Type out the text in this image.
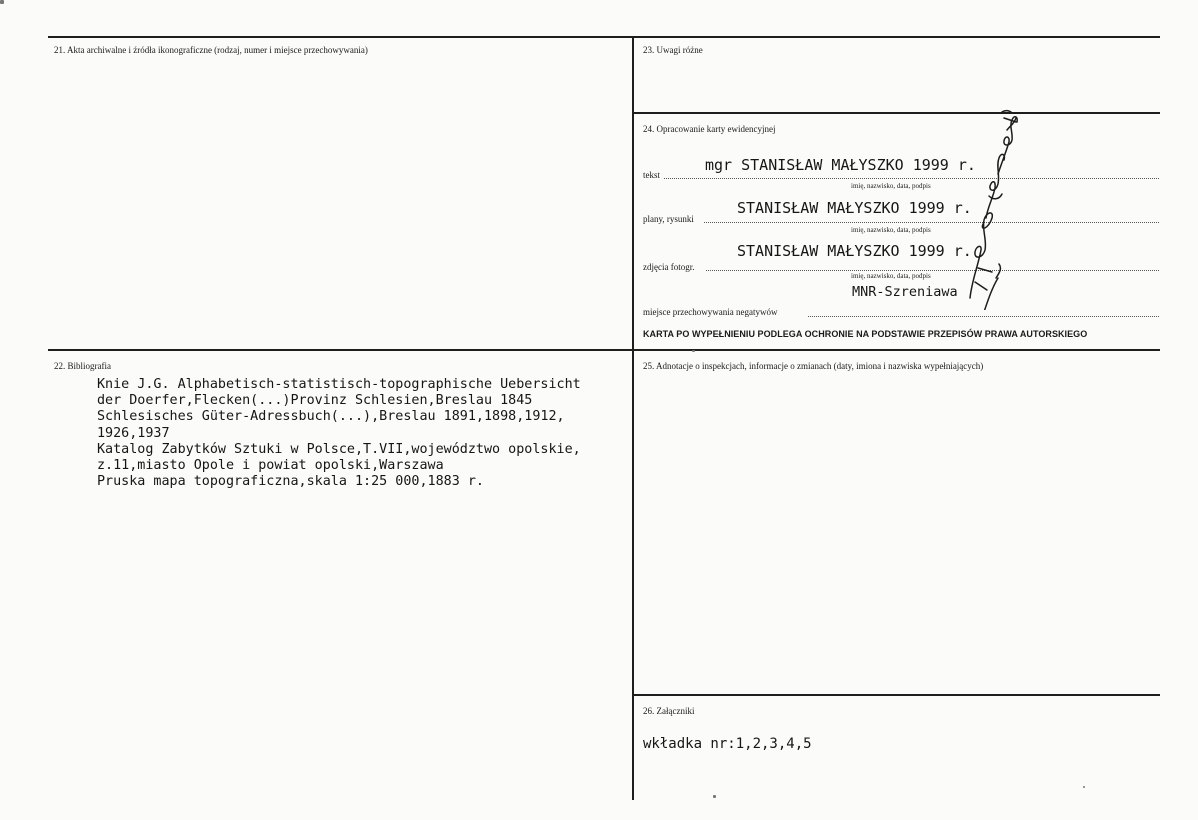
21. Akta archiwalne i źródła ikonograficzne (rodzaj, numer i miejsce przechowywania)
22. Bibliografia
Knie J.G. Alphabetisch-statistisch-topographische Uebersicht
der Doerfer,Flecken(...)Provinz Schlesien,Breslau 1845
Schlesisches Güter-Adressbuch(...),Breslau 1891,1898,1912,
1926,1937
Katalog Zabytków Sztuki w Polsce,T.VII,województwo opolskie,
z.11,miasto Opole i powiat opolski,Warszawa
Pruska mapa topograficzna,skala 1:25 000,1883 r.
23. Uwagi różne
24. Opracowanie karty ewidencyjnej
mgr STANISŁAW MAŁYSZKO 1999 r.
tekst
imię, nazwisko, data, podpis
STANISŁAW MAŁYSZKO 1999 r.
plany, rysunki
imię, nazwisko, data, podpis
STANISŁAW MAŁYSZKO 1999 r.
zdjęcia fotogr.
imię, nazwisko, data, podpis
MNR-Szreniawa
miejsce przechowywania negatywów
KARTA PO WYPEŁNIENIU PODLEGA OCHRONIE NA PODSTAWIE PRZEPISÓW PRAWA AUTORSKIEGO
25. Adnotacje o inspekcjach, informacje o zmianach (daty, imiona i nazwiska wypełniających)
26. Załączniki
wkładka nr:1,2,3,4,5
